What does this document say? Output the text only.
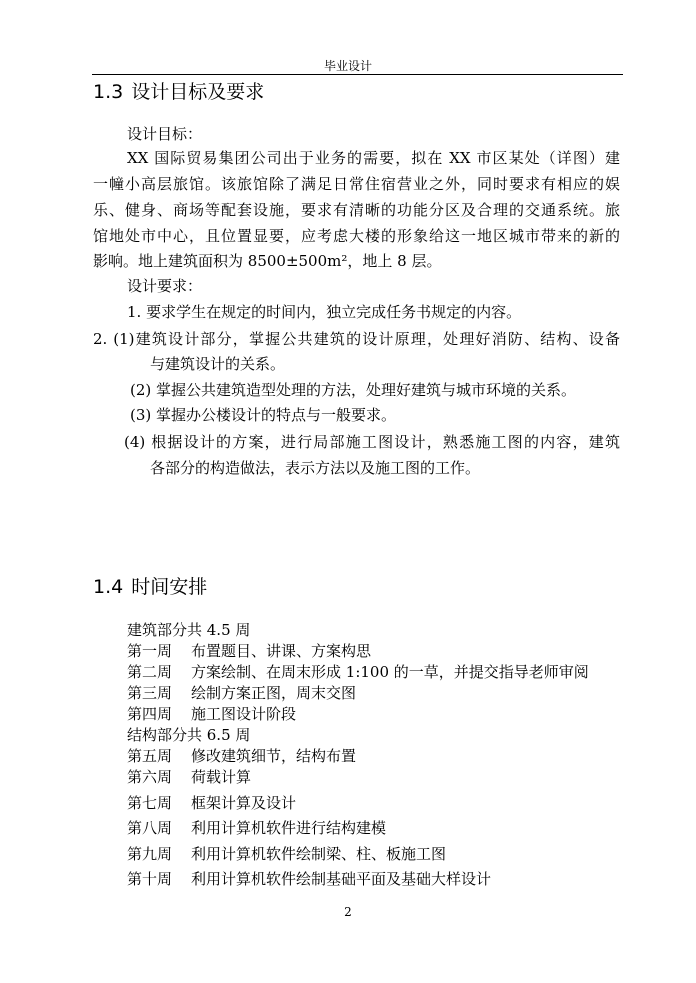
毕业设计
1.3 设计目标及要求
设计目标：
XX 国际贸易集团公司出于业务的需要，拟在 XX 市区某处（详图）建
一幢小高层旅馆。该旅馆除了满足日常住宿营业之外，同时要求有相应的娱
乐、健身、商场等配套设施，要求有清晰的功能分区及合理的交通系统。旅
馆地处市中心，且位置显要，应考虑大楼的形象给这一地区城市带来的新的
影响。地上建筑面积为 8500±500m²，地上 8 层。
设计要求：
1. 要求学生在规定的时间内，独立完成任务书规定的内容。
2. (1)建筑设计部分，掌握公共建筑的设计原理，处理好消防、结构、设备
与建筑设计的关系。
(2) 掌握公共建筑造型处理的方法，处理好建筑与城市环境的关系。
(3) 掌握办公楼设计的特点与一般要求。
(4) 根据设计的方案，进行局部施工图设计，熟悉施工图的内容，建筑
各部分的构造做法，表示方法以及施工图的工作。
1.4 时间安排
建筑部分共 4.5 周
第一周 布置题目、讲课、方案构思
第二周 方案绘制、在周末形成 1:100 的一草，并提交指导老师审阅
第三周 绘制方案正图，周末交图
第四周 施工图设计阶段
结构部分共 6.5 周
第五周 修改建筑细节，结构布置
第六周 荷载计算
第七周 框架计算及设计
第八周 利用计算机软件进行结构建模
第九周 利用计算机软件绘制梁、柱、板施工图
第十周 利用计算机软件绘制基础平面及基础大样设计
2
